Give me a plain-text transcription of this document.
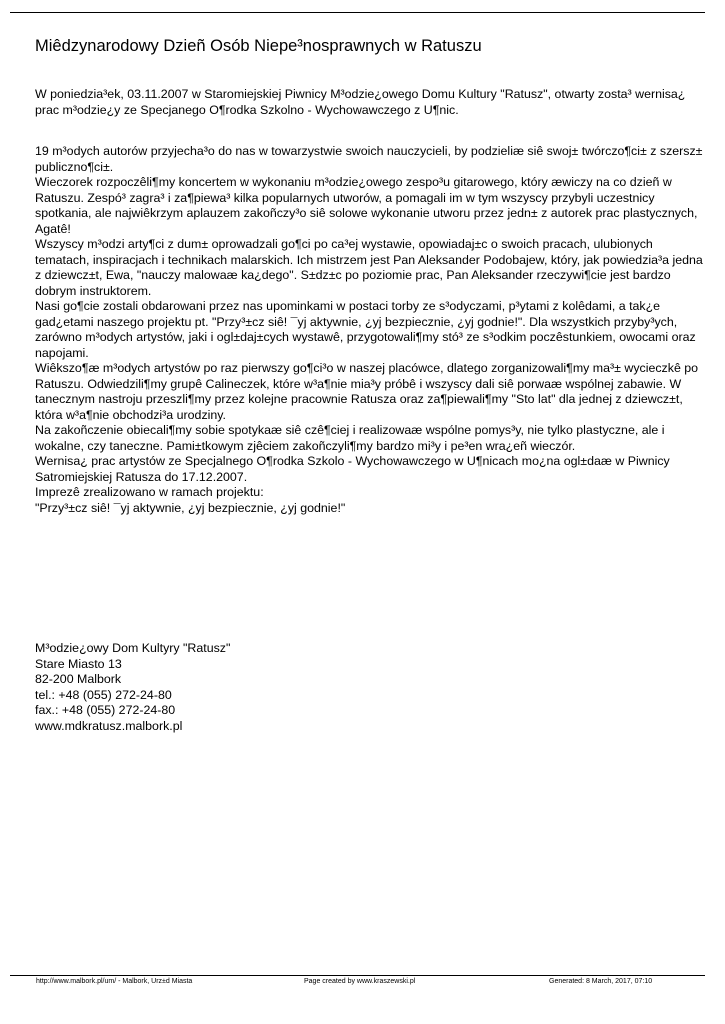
Miêdzynarodowy Dzieñ Osób Niepe³nosprawnych w Ratuszu

W poniedzia³ek, 03.11.2007 w Staromiejskiej Piwnicy M³odzie¿owego Domu Kultury "Ratusz", otwarty zosta³ wernisa¿ prac m³odzie¿y ze Specjanego O¶rodka Szkolno - Wychowawczego z U¶nic.

19 m³odych autorów przyjecha³o do nas w towarzystwie swoich nauczycieli, by podzieliæ siê swoj± twórczo¶ci± z szersz± publiczno¶ci±.

Wieczorek rozpoczêli¶my koncertem w wykonaniu m³odzie¿owego zespo³u gitarowego, który æwiczy na co dzieñ w Ratuszu. Zespó³ zagra³ i za¶piewa³ kilka popularnych utworów, a pomagali im w tym wszyscy przybyli uczestnicy spotkania, ale najwiêkrzym aplauzem zakoñczy³o siê solowe wykonanie utworu przez jedn± z autorek prac plastycznych, Agatê!

Wszyscy m³odzi arty¶ci z dum± oprowadzali go¶ci po ca³ej wystawie, opowiadaj±c o swoich pracach, ulubionych tematach, inspiracjach i technikach malarskich. Ich mistrzem jest Pan Aleksander Podobajew, który, jak powiedzia³a jedna z dziewcz±t, Ewa, "nauczy malowaæ ka¿dego". S±dz±c po poziomie prac, Pan Aleksander rzeczywi¶cie jest bardzo dobrym instruktorem.

Nasi go¶cie zostali obdarowani przez nas upominkami w postaci torby ze s³odyczami, p³ytami z kolêdami, a tak¿e gad¿etami naszego projektu pt. "Przy³±cz siê! ¯yj aktywnie, ¿yj bezpiecznie, ¿yj godnie!". Dla wszystkich przyby³ych, zarówno m³odych artystów, jaki i ogl±daj±cych wystawê, przygotowali¶my stó³ ze s³odkim poczêstunkiem, owocami oraz napojami.

Wiêkszo¶æ m³odych artystów po raz pierwszy go¶ci³o w naszej placówce, dlatego zorganizowali¶my ma³± wycieczkê po Ratuszu. Odwiedzili¶my grupê Calineczek, które w³a¶nie mia³y próbê i wszyscy dali siê porwaæ wspólnej zabawie. W tanecznym nastroju przeszli¶my przez kolejne pracownie Ratusza oraz za¶piewali¶my "Sto lat" dla jednej z dziewcz±t, która w³a¶nie obchodzi³a urodziny.

Na zakoñczenie obiecali¶my sobie spotykaæ siê czê¶ciej i realizowaæ wspólne pomys³y, nie tylko plastyczne, ale i wokalne, czy taneczne. Pami±tkowym zjêciem zakoñczyli¶my bardzo mi³y i pe³en wra¿eñ wieczór.

Wernisa¿ prac artystów ze Specjalnego O¶rodka Szkolo - Wychowawczego w U¶nicach mo¿na ogl±daæ w Piwnicy Satromiejskiej Ratusza do 17.12.2007.

Imprezê zrealizowano w ramach projektu:

"Przy³±cz siê! ¯yj aktywnie, ¿yj bezpiecznie, ¿yj godnie!"

M³odzie¿owy Dom Kultyry "Ratusz"
Stare Miasto 13
82-200 Malbork
tel.: +48 (055) 272-24-80
fax.: +48 (055) 272-24-80
www.mdkratusz.malbork.pl
http://www.malbork.pl/um/ - Malbork, Urz±d Miasta	Page created by www.kraszewski.pl	Generated: 8 March, 2017, 07:10
